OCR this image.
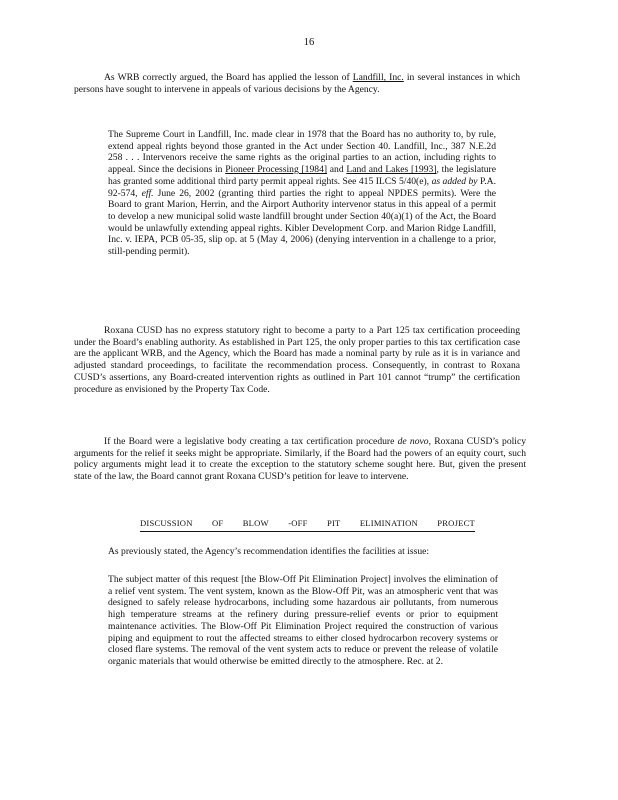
16

As WRB correctly argued, the Board has applied the lesson of Landfill, Inc. in several instances in which persons have sought to intervene in appeals of various decisions by the Agency.

The Supreme Court in Landfill, Inc. made clear in 1978 that the Board has no authority to, by rule, extend appeal rights beyond those granted in the Act under Section 40. Landfill, Inc., 387 N.E.2d 258 . . . Intervenors receive the same rights as the original parties to an action, including rights to appeal. Since the decisions in Pioneer Processing [1984] and Land and Lakes [1993], the legislature has granted some additional third party permit appeal rights. See 415 ILCS 5/40(e), as added by P.A. 92-574, eff. June 26, 2002 (granting third parties the right to appeal NPDES permits). Were the Board to grant Marion, Herrin, and the Airport Authority intervenor status in this appeal of a permit to develop a new municipal solid waste landfill brought under Section 40(a)(1) of the Act, the Board would be unlawfully extending appeal rights. Kibler Development Corp. and Marion Ridge Landfill, Inc. v. IEPA, PCB 05-35, slip op. at 5 (May 4, 2006) (denying intervention in a challenge to a prior, still-pending permit).

Roxana CUSD has no express statutory right to become a party to a Part 125 tax certification proceeding under the Board’s enabling authority. As established in Part 125, the only proper parties to this tax certification case are the applicant WRB, and the Agency, which the Board has made a nominal party by rule as it is in variance and adjusted standard proceedings, to facilitate the recommendation process. Consequently, in contrast to Roxana CUSD’s assertions, any Board-created intervention rights as outlined in Part 101 cannot “trump” the certification procedure as envisioned by the Property Tax Code.

If the Board were a legislative body creating a tax certification procedure de novo, Roxana CUSD’s policy arguments for the relief it seeks might be appropriate. Similarly, if the Board had the powers of an equity court, such policy arguments might lead it to create the exception to the statutory scheme sought here. But, given the present state of the law, the Board cannot grant Roxana CUSD’s petition for leave to intervene.

DISCUSSION OF BLOW -OFF PIT ELIMINATION PROJECT

As previously stated, the Agency’s recommendation identifies the facilities at issue:

The subject matter of this request [the Blow-Off Pit Elimination Project] involves the elimination of a relief vent system. The vent system, known as the Blow-Off Pit, was an atmospheric vent that was designed to safely release hydrocarbons, including some hazardous air pollutants, from numerous high temperature streams at the refinery during pressure-relief events or prior to equipment maintenance activities. The Blow-Off Pit Elimination Project required the construction of various piping and equipment to rout the affected streams to either closed hydrocarbon recovery systems or closed flare systems. The removal of the vent system acts to reduce or prevent the release of volatile organic materials that would otherwise be emitted directly to the atmosphere. Rec. at 2.
